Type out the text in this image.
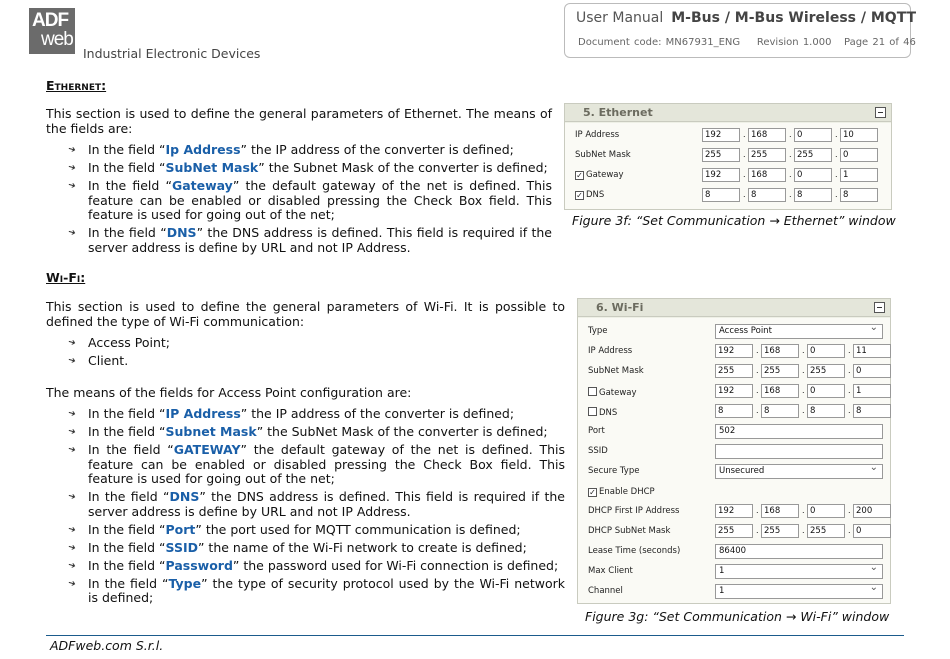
ADF
web
Industrial Electronic Devices
User Manual M-Bus / M-Bus Wireless / MQTT
Document code: MN67931_ENG Revision 1.000 Page 21 of 46
Ethernet:
This section is used to define the general parameters of Ethernet. The means of the fields are:
➔ In the field “Ip Address” the IP address of the converter is defined;
➔ In the field “SubNet Mask” the Subnet Mask of the converter is defined;
➔ In the field “Gateway” the default gateway of the net is defined. This feature can be enabled or disabled pressing the Check Box field. This feature is used for going out of the net;
➔ In the field “DNS” the DNS address is defined. This field is required if the server address is define by URL and not IP Address.
5. Ethernet
IP Address	192	. 168	. 0	. 10
SubNet Mask	255	. 255	. 255	. 0
✓ Gateway	192	. 168	. 0	. 1
✓ DNS	8	. 8	. 8	. 8
Figure 3f: “Set Communication → Ethernet” window
Wi-Fi:
This section is used to define the general parameters of Wi-Fi. It is possible to defined the type of Wi-Fi communication:
➔ Access Point;
➔ Client.
The means of the fields for Access Point configuration are:
➔ In the field “IP Address” the IP address of the converter is defined;
➔ In the field “Subnet Mask” the SubNet Mask of the converter is defined;
➔ In the field “GATEWAY” the default gateway of the net is defined. This feature can be enabled or disabled pressing the Check Box field. This feature is used for going out of the net;
➔ In the field “DNS” the DNS address is defined. This field is required if the server address is define by URL and not IP Address.
➔ In the field “Port” the port used for MQTT communication is defined;
➔ In the field “SSID” the name of the Wi-Fi network to create is defined;
➔ In the field “Password” the password used for Wi-Fi connection is defined;
➔ In the field “Type” the type of security protocol used by the Wi-Fi network is defined;
6. Wi-Fi
Type	Access Point ⌄
IP Address	192	. 168	. 0	. 11
SubNet Mask	255	. 255	. 255	. 0
Gateway	192	. 168	. 0	. 1
DNS	8	. 8	. 8	. 8
Port	502
SSID
Secure Type	Unsecured ⌄
✓ Enable DHCP
DHCP First IP Address	192	. 168	. 0	. 200
DHCP SubNet Mask	255	. 255	. 255	. 0
Lease Time (seconds)	86400
Max Client	1 ⌄
Channel	1 ⌄
Figure 3g: “Set Communication → Wi-Fi” window
ADFweb.com S.r.l.
